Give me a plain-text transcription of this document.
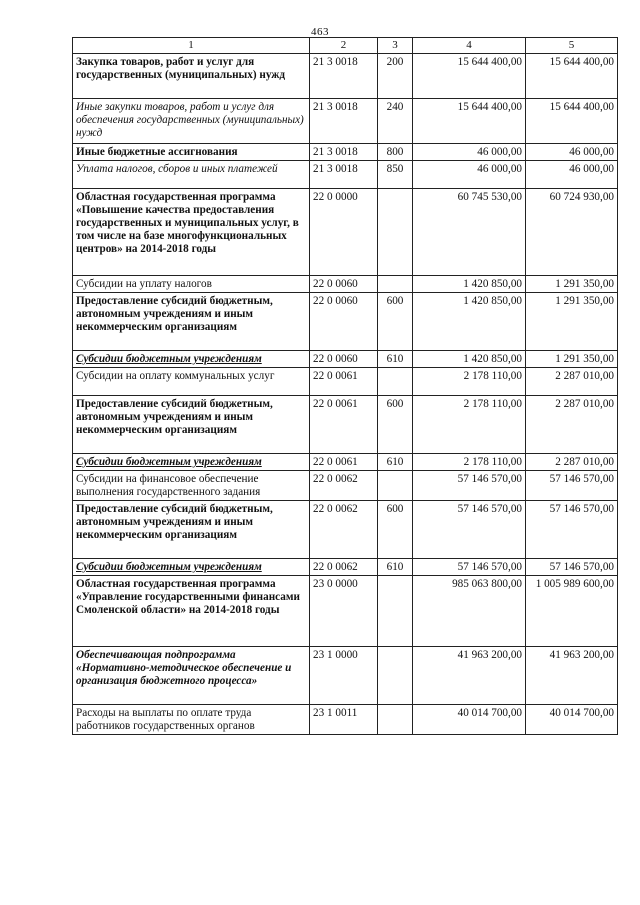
463
1	2	3	4	5
Закупка товаров, работ и услуг для государственных (муниципальных) нужд	21 3 0018	200	15 644 400,00	15 644 400,00
Иные закупки товаров, работ и услуг для обеспечения государственных (муниципальных) нужд	21 3 0018	240	15 644 400,00	15 644 400,00
Иные бюджетные ассигнования	21 3 0018	800	46 000,00	46 000,00
Уплата налогов, сборов и иных платежей	21 3 0018	850	46 000,00	46 000,00
Областная государственная программа «Повышение качества предоставления государственных и муниципальных услуг, в том числе на базе многофункциональных центров» на 2014-2018 годы	22 0 0000		60 745 530,00	60 724 930,00
Субсидии на уплату налогов	22 0 0060		1 420 850,00	1 291 350,00
Предоставление субсидий бюджетным, автономным учреждениям и иным некоммерческим организациям	22 0 0060	600	1 420 850,00	1 291 350,00
Субсидии бюджетным учреждениям	22 0 0060	610	1 420 850,00	1 291 350,00
Субсидии на оплату коммунальных услуг	22 0 0061		2 178 110,00	2 287 010,00
Предоставление субсидий бюджетным, автономным учреждениям и иным некоммерческим организациям	22 0 0061	600	2 178 110,00	2 287 010,00
Субсидии бюджетным учреждениям	22 0 0061	610	2 178 110,00	2 287 010,00
Субсидии на финансовое обеспечение выполнения государственного задания	22 0 0062		57 146 570,00	57 146 570,00
Предоставление субсидий бюджетным, автономным учреждениям и иным некоммерческим организациям	22 0 0062	600	57 146 570,00	57 146 570,00
Субсидии бюджетным учреждениям	22 0 0062	610	57 146 570,00	57 146 570,00
Областная государственная программа «Управление государственными финансами Смоленской области» на 2014-2018 годы	23 0 0000		985 063 800,00	1 005 989 600,00
Обеспечивающая подпрограмма «Нормативно-методическое обеспечение и организация бюджетного процесса»	23 1 0000		41 963 200,00	41 963 200,00
Расходы на выплаты по оплате труда работников государственных органов	23 1 0011		40 014 700,00	40 014 700,00
